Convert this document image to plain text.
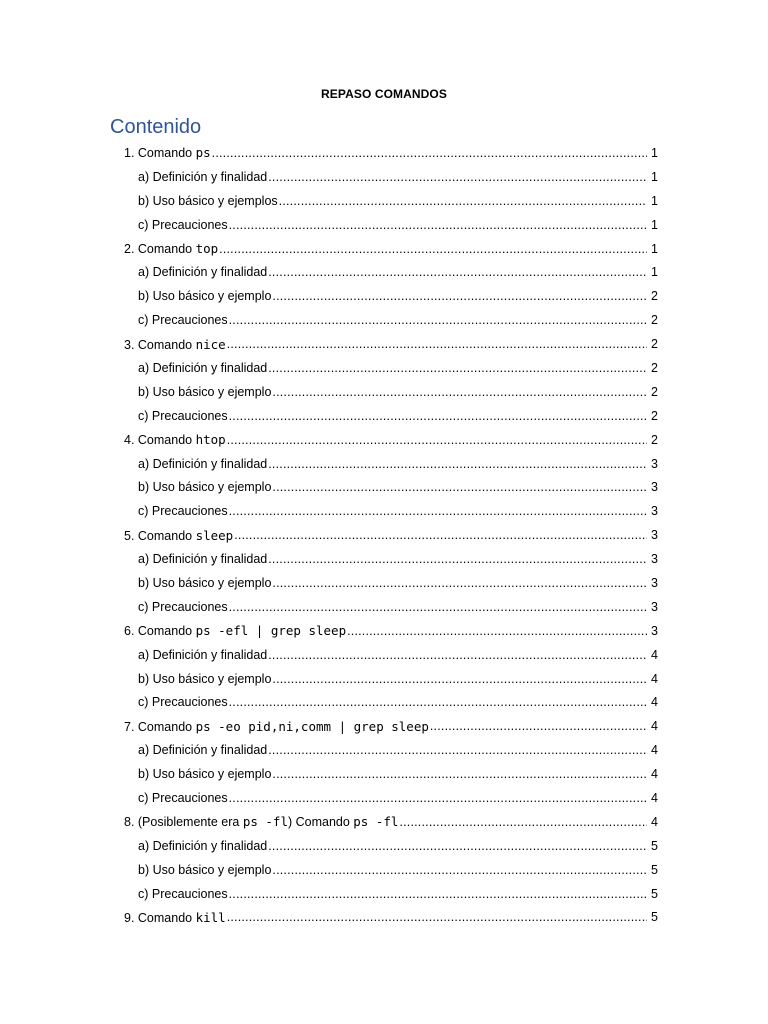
REPASO COMANDOS
Contenido
1. Comando ps .....	1
a) Definición y finalidad .....	1
b) Uso básico y ejemplos .....	1
c) Precauciones .....	1
2. Comando top .....	1
a) Definición y finalidad .....	1
b) Uso básico y ejemplo .....	2
c) Precauciones .....	2
3. Comando nice .....	2
a) Definición y finalidad .....	2
b) Uso básico y ejemplo .....	2
c) Precauciones .....	2
4. Comando htop .....	2
a) Definición y finalidad .....	3
b) Uso básico y ejemplo .....	3
c) Precauciones .....	3
5. Comando sleep .....	3
a) Definición y finalidad .....	3
b) Uso básico y ejemplo .....	3
c) Precauciones .....	3
6. Comando ps -efl | grep sleep .....	3
a) Definición y finalidad .....	4
b) Uso básico y ejemplo .....	4
c) Precauciones .....	4
7. Comando ps -eo pid,ni,comm | grep sleep .....	4
a) Definición y finalidad .....	4
b) Uso básico y ejemplo .....	4
c) Precauciones .....	4
8. (Posiblemente era ps -fl) Comando ps -fl .....	4
a) Definición y finalidad .....	5
b) Uso básico y ejemplo .....	5
c) Precauciones .....	5
9. Comando kill .....	5
